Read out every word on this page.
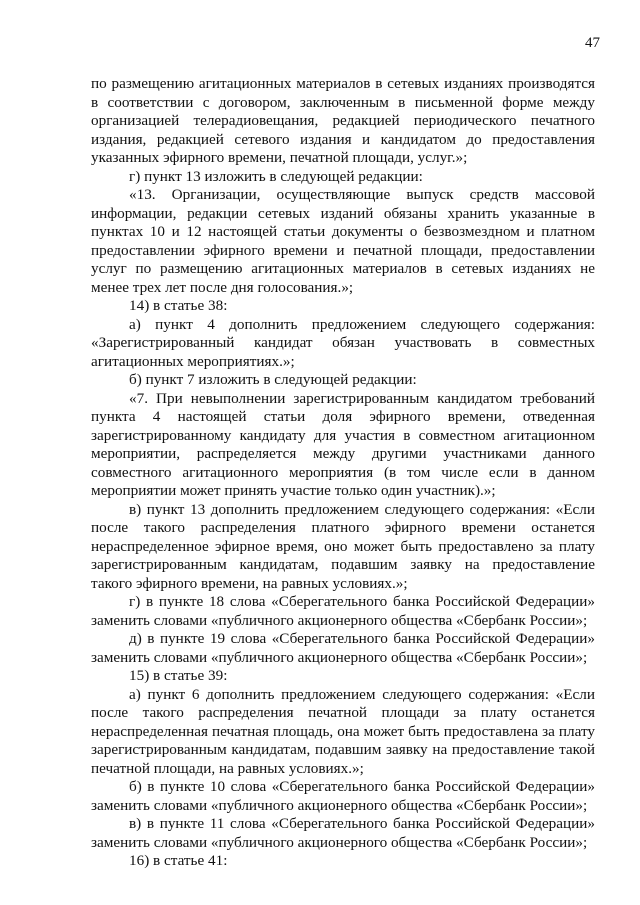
47

по размещению агитационных материалов в сетевых изданиях производятся в соответствии с договором, заключенным в письменной форме между организацией телерадиовещания, редакцией периодического печатного издания, редакцией сетевого издания и кандидатом до предоставления указанных эфирного времени, печатной площади, услуг.»;

г) пункт 13 изложить в следующей редакции:

«13. Организации, осуществляющие выпуск средств массовой информации, редакции сетевых изданий обязаны хранить указанные в пунктах 10 и 12 настоящей статьи документы о безвозмездном и платном предоставлении эфирного времени и печатной площади, предоставлении услуг по размещению агитационных материалов в сетевых изданиях не менее трех лет после дня голосования.»;

14) в статье 38:

а) пункт 4 дополнить предложением следующего содержания: «Зарегистрированный кандидат обязан участвовать в совместных агитационных мероприятиях.»;

б) пункт 7 изложить в следующей редакции:

«7. При невыполнении зарегистрированным кандидатом требований пункта 4 настоящей статьи доля эфирного времени, отведенная зарегистрированному кандидату для участия в совместном агитационном мероприятии, распределяется между другими участниками данного совместного агитационного мероприятия (в том числе если в данном мероприятии может принять участие только один участник).»;

в) пункт 13 дополнить предложением следующего содержания: «Если после такого распределения платного эфирного времени останется нераспределенное эфирное время, оно может быть предоставлено за плату зарегистрированным кандидатам, подавшим заявку на предоставление такого эфирного времени, на равных условиях.»;

г) в пункте 18 слова «Сберегательного банка Российской Федерации» заменить словами «публичного акционерного общества «Сбербанк России»;

д) в пункте 19 слова «Сберегательного банка Российской Федерации» заменить словами «публичного акционерного общества «Сбербанк России»;

15) в статье 39:

а) пункт 6 дополнить предложением следующего содержания: «Если после такого распределения печатной площади за плату останется нераспределенная печатная площадь, она может быть предоставлена за плату зарегистрированным кандидатам, подавшим заявку на предоставление такой печатной площади, на равных условиях.»;

б) в пункте 10 слова «Сберегательного банка Российской Федерации» заменить словами «публичного акционерного общества «Сбербанк России»;

в) в пункте 11 слова «Сберегательного банка Российской Федерации» заменить словами «публичного акционерного общества «Сбербанк России»;

16) в статье 41:
